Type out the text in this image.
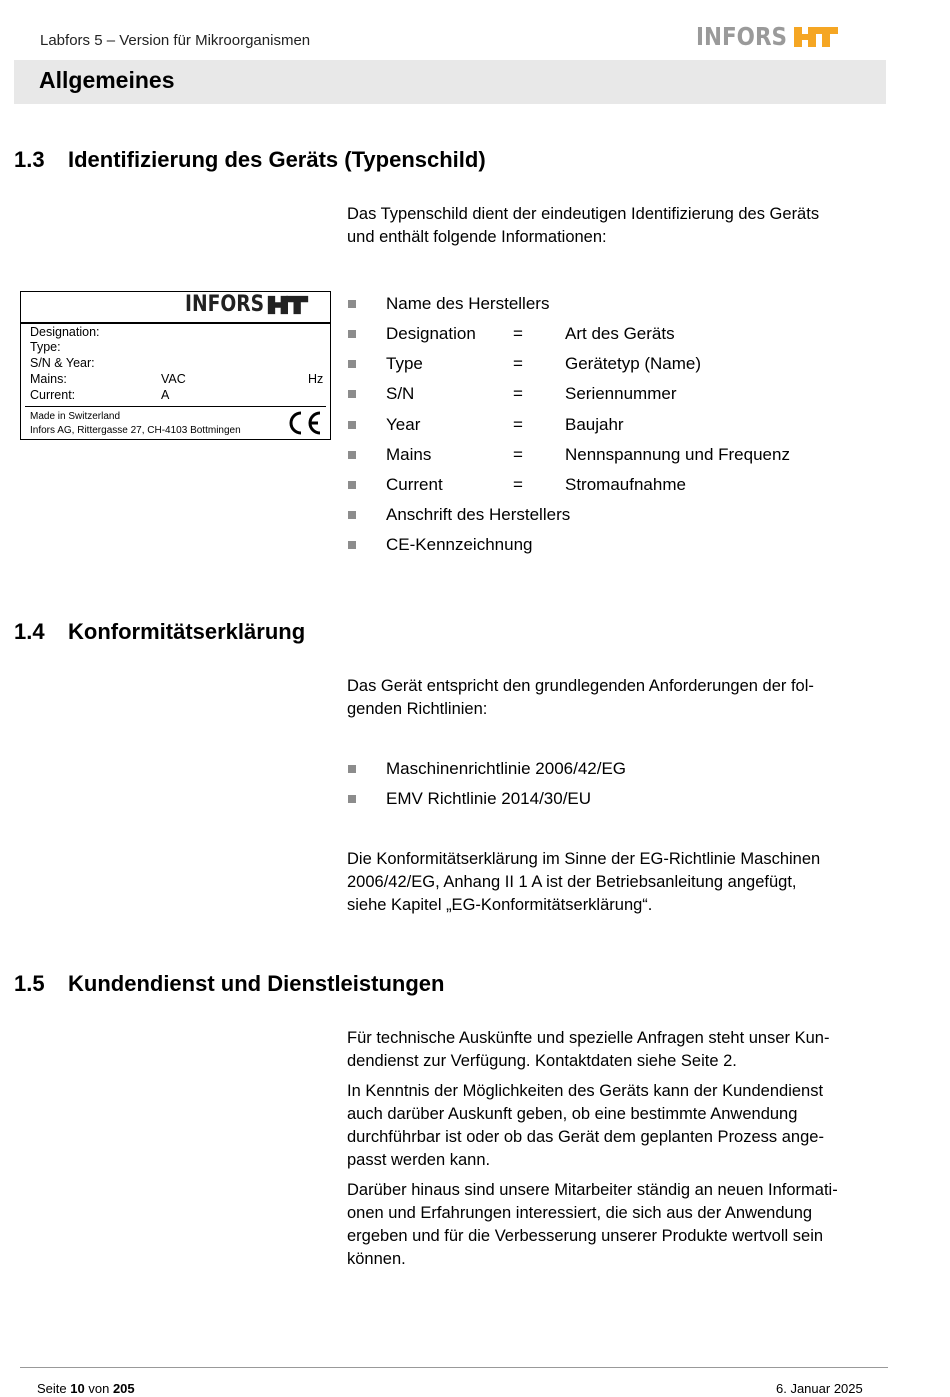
Labfors 5 – Version für Mikroorganismen	INFORS
Allgemeines
1.3 Identifizierung des Geräts (Typenschild)
Das Typenschild dient der eindeutigen Identifizierung des Geräts
und enthält folgende Informationen:
INFORS
Designation:
Type:
S/N & Year:
Mains:	VAC	Hz
Current:	A
Made in Switzerland
Infors AG, Rittergasse 27, CH-4103 Bottmingen
Name des Herstellers
Designation	=	Art des Geräts
Type	=	Gerätetyp (Name)
S/N	=	Seriennummer
Year	=	Baujahr
Mains	=	Nennspannung und Frequenz
Current	=	Stromaufnahme
Anschrift des Herstellers
CE-Kennzeichnung
1.4 Konformitätserklärung
Das Gerät entspricht den grundlegenden Anforderungen der fol-
genden Richtlinien:
Maschinenrichtlinie 2006/42/EG
EMV Richtlinie 2014/30/EU
Die Konformitätserklärung im Sinne der EG-Richtlinie Maschinen
2006/42/EG, Anhang II 1 A ist der Betriebsanleitung angefügt,
siehe Kapitel „EG-Konformitätserklärung“.
1.5 Kundendienst und Dienstleistungen
Für technische Auskünfte und spezielle Anfragen steht unser Kun-
dendienst zur Verfügung. Kontaktdaten siehe Seite 2.
In Kenntnis der Möglichkeiten des Geräts kann der Kundendienst
auch darüber Auskunft geben, ob eine bestimmte Anwendung
durchführbar ist oder ob das Gerät dem geplanten Prozess ange-
passt werden kann.
Darüber hinaus sind unsere Mitarbeiter ständig an neuen Informati-
onen und Erfahrungen interessiert, die sich aus der Anwendung
ergeben und für die Verbesserung unserer Produkte wertvoll sein
können.
Seite 10 von 205	6. Januar 2025
